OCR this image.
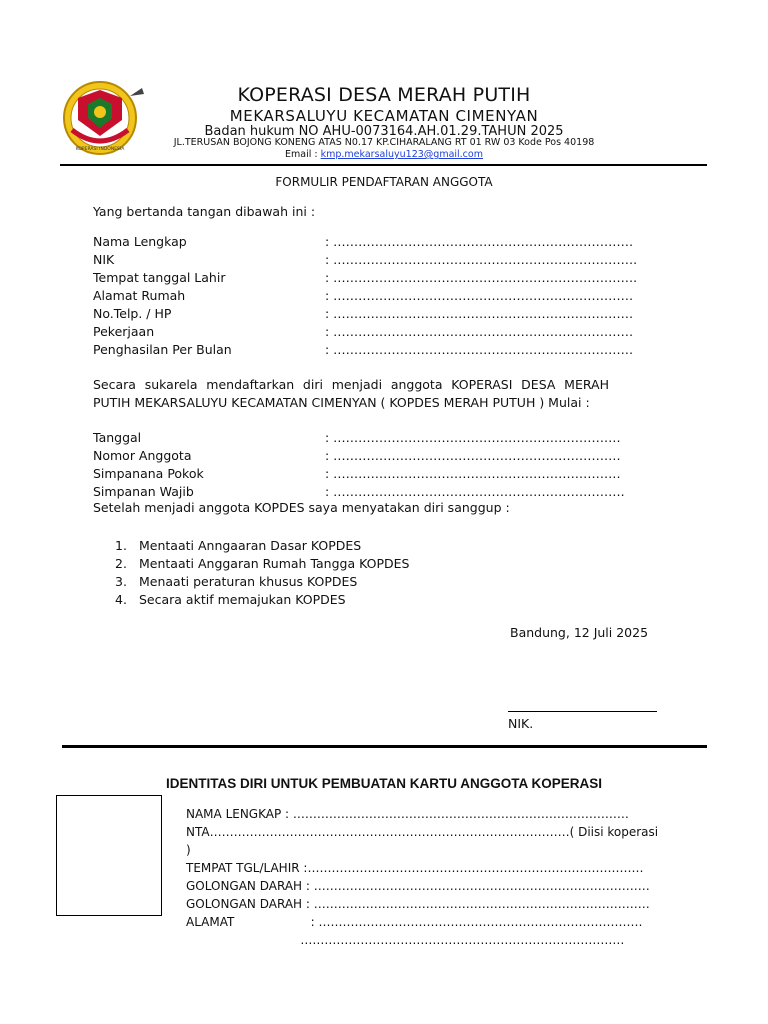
KOPERASI INDONESIA
KOPERASI DESA MERAH PUTIH
MEKARSALUYU KECAMATAN CIMENYAN
Badan hukum NO AHU-0073164.AH.01.29.TAHUN 2025
JL.TERUSAN BOJONG KONENG ATAS N0.17 KP.CIHARALANG RT 01 RW 03 Kode Pos 40198
Email : kmp.mekarsaluyu123@gmail.com
FORMULIR PENDAFTARAN ANGGOTA
Yang bertanda tangan dibawah ini :
Nama Lengkap	: ………………………………………………………………
NIK	: ……………………………………………………………….
Tempat tanggal Lahir	: ……………………………………………………………….
Alamat Rumah	: ………………………………………………………………
No.Telp. / HP	: ………………………………………………………………
Pekerjaan	: ………………………………………………………………
Penghasilan Per Bulan	: ………………………………………………………………
Secara sukarela mendaftarkan diri menjadi anggota KOPERASI DESA MERAH
PUTIH MEKARSALUYU KECAMATAN CIMENYAN ( KOPDES MERAH PUTUH ) Mulai :
Tanggal	: ……………………………………………………………
Nomor Anggota	: ……………………………………………………………
Simpanana Pokok	: ……………………………………………………………
Simpanan Wajib	: …………………………………………………………….
Setelah menjadi anggota KOPDES saya menyatakan diri sanggup :
1. Mentaati Anngaaran Dasar KOPDES
2. Mentaati Anggaran Rumah Tangga KOPDES
3. Menaati peraturan khusus KOPDES
4. Secara aktif memajukan KOPDES
Bandung, 12 Juli 2025
NIK.
IDENTITAS DIRI UNTUK PEMBUATAN KARTU ANGGOTA KOPERASI
NAMA LENGKAP : …………………………………………………………………………
NTA………………………………………………………………………………( Diisi koperasi
)
TEMPAT TGL/LAHIR :…………………………………………………………………………
GOLONGAN DARAH : …………………………………………………………………………
GOLONGAN DARAH : …………………………………………………………………………
ALAMAT                    : ………………………………………………………………………
………………………………………………………………………
